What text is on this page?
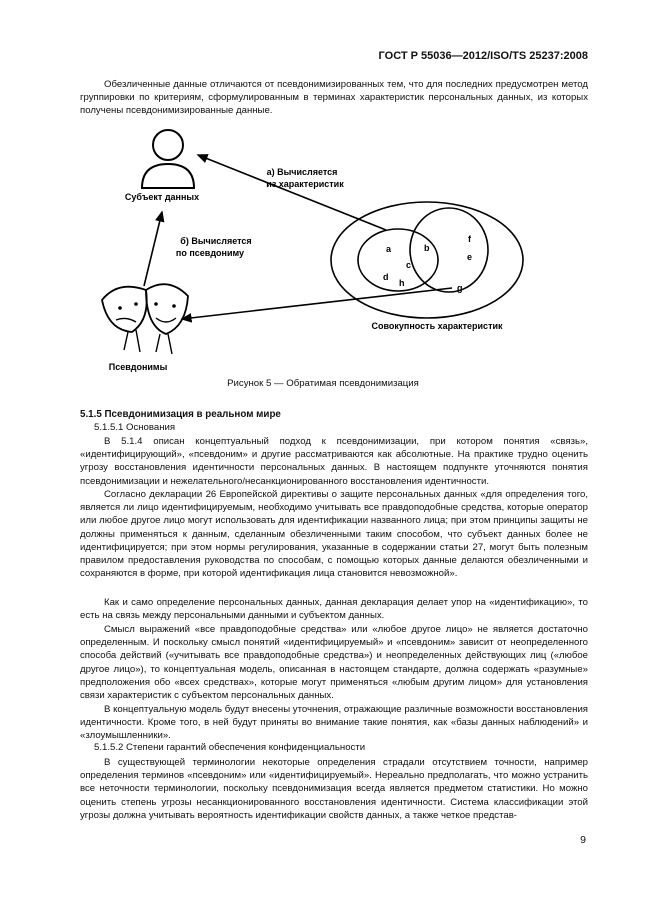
ГОСТ Р 55036—2012/ISO/TS 25237:2008

Обезличенные данные отличаются от псевдонимизированных тем, что для последних предусмотрен метод группировки по критериям, сформулированным в терминах характеристик персональных данных, из которых получены псевдонимизированные данные.

Субъект данных
Псевдонимы
a	b
c
d
h
f
e
g
Совокупность характеристик
а) Вычисляется
из характеристик
б) Вычисляется
по псевдониму
Рисунок 5 — Обратимая псевдонимизация
5.1.5 Псевдонимизация в реальном мире
5.1.5.1 Основания

В 5.1.4 описан концептуальный подход к псевдонимизации, при котором понятия «связь», «идентифицирующий», «псевдоним» и другие рассматриваются как абсолютные. На практике трудно оценить угрозу восстановления идентичности персональных данных. В настоящем подпункте уточняются понятия псевдонимизации и нежелательного/несанкционированного восстановления идентичности.

Согласно декларации 26 Европейской директивы о защите персональных данных «для определения того, является ли лицо идентифицируемым, необходимо учитывать все правдоподобные средства, которые оператор или любое другое лицо могут использовать для идентификации названного лица; при этом принципы защиты не должны применяться к данным, сделанным обезличенными таким способом, что субъект данных более не идентифицируется; при этом нормы регулирования, указанные в содержании статьи 27, могут быть полезным правилом предоставления руководства по способам, с помощью которых данные делаются обезличенными и сохраняются в форме, при которой идентификация лица становится невозможной».

Как и само определение персональных данных, данная декларация делает упор на «идентификацию», то есть на связь между персональными данными и субъектом данных.

Смысл выражений «все правдоподобные средства» или «любое другое лицо» не является достаточно определенным. И поскольку смысл понятий «идентифицируемый» и «псевдоним» зависит от неопределенного способа действий («учитывать все правдоподобные средства») и неопределенных действующих лиц («любое другое лицо»), то концептуальная модель, описанная в настоящем стандарте, должна содержать «разумные» предположения обо «всех средствах», которые могут применяться «любым другим лицом» для установления связи характеристик с субъектом персональных данных.

В концептуальную модель будут внесены уточнения, отражающие различные возможности восстановления идентичности. Кроме того, в ней будут приняты во внимание такие понятия, как «базы данных наблюдений» и «злоумышленники».

5.1.5.2 Степени гарантий обеспечения конфиденциальности

В существующей терминологии некоторые определения страдали отсутствием точности, например определения терминов «псевдоним» или «идентифицируемый». Нереально предполагать, что можно устранить все неточности терминологии, поскольку псевдонимизация всегда является предметом статистики. Но можно оценить степень угрозы несанкционированного восстановления идентичности. Система классификации этой угрозы должна учитывать вероятность идентификации свойств данных, а также четкое представ-

9
